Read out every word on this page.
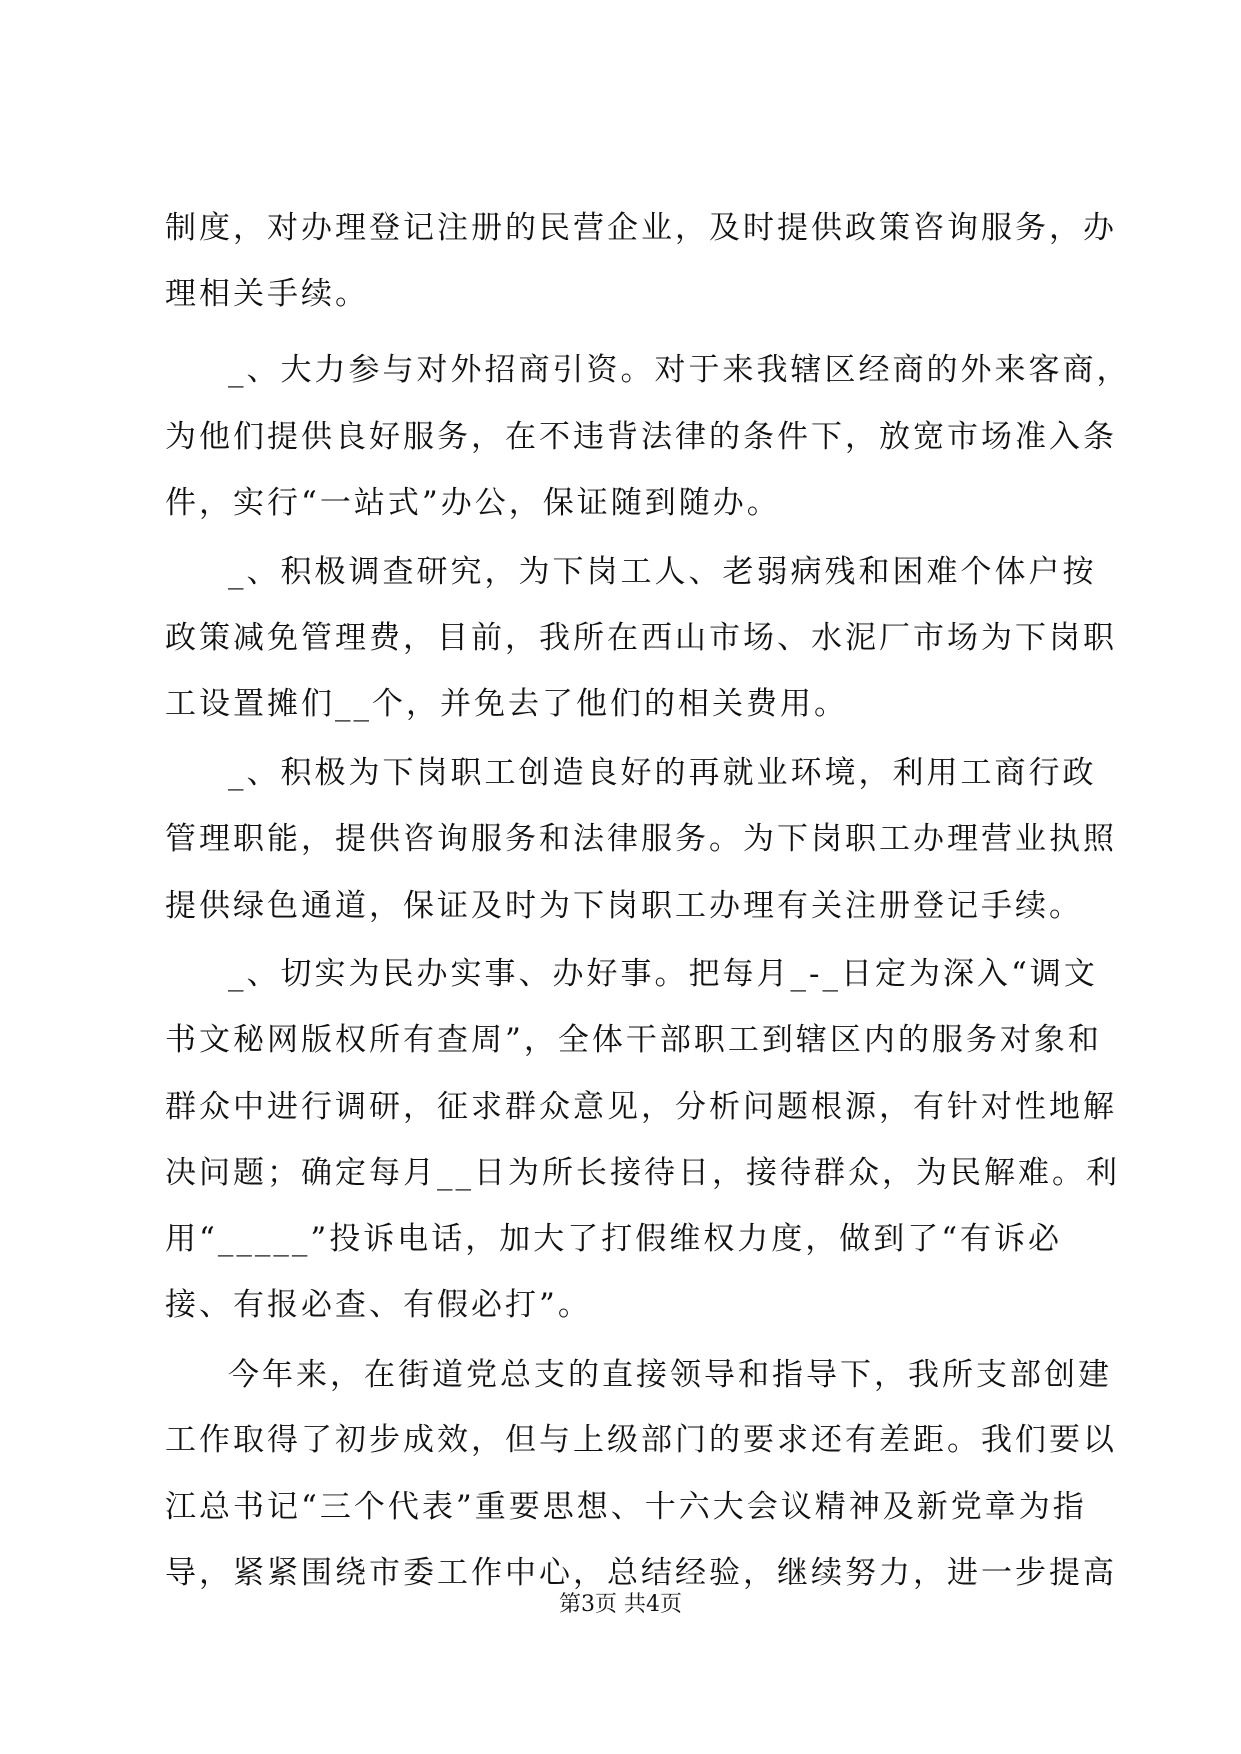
制度，对办理登记注册的民营企业，及时提供政策咨询服务，办
理相关手续。
_、大力参与对外招商引资。对于来我辖区经商的外来客商，
为他们提供良好服务，在不违背法律的条件下，放宽市场准入条
件，实行“一站式”办公，保证随到随办。
_、积极调查研究，为下岗工人、老弱病残和困难个体户按
政策减免管理费，目前，我所在西山市场、水泥厂市场为下岗职
工设置摊们__个，并免去了他们的相关费用。
_、积极为下岗职工创造良好的再就业环境，利用工商行政
管理职能，提供咨询服务和法律服务。为下岗职工办理营业执照
提供绿色通道，保证及时为下岗职工办理有关注册登记手续。
_、切实为民办实事、办好事。把每月_-_日定为深入“调文
书文秘网版权所有查周”，全体干部职工到辖区内的服务对象和
群众中进行调研，征求群众意见，分析问题根源，有针对性地解
决问题；确定每月__日为所长接待日，接待群众，为民解难。利
用“_____”投诉电话，加大了打假维权力度，做到了“有诉必
接、有报必查、有假必打”。
今年来，在街道党总支的直接领导和指导下，我所支部创建
工作取得了初步成效，但与上级部门的要求还有差距。我们要以
江总书记“三个代表”重要思想、十六大会议精神及新党章为指
导，紧紧围绕市委工作中心，总结经验，继续努力，进一步提高
第3页 共4页
